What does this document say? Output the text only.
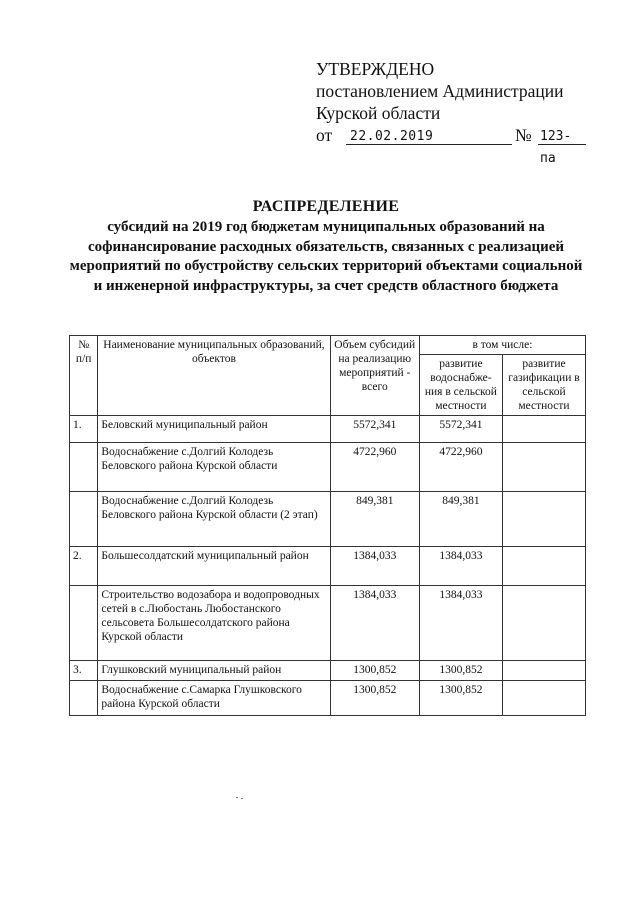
УТВЕРЖДЕНО
постановлением Администрации
Курской области
от	22.02.2019	№ 123-па
РАСПРЕДЕЛЕНИЕ
субсидий на 2019 год бюджетам муниципальных образований на
софинансирование расходных обязательств, связанных с реализацией
мероприятий по обустройству сельских территорий объектами социальной
и инженерной инфраструктуры, за счет средств областного бюджета
№ п/п	Наименование муниципальных образований, объектов	Объем субсидий на реализацию мероприятий - всего	в том числе:	
			развитие водоснабже-ния в сельской местности	развитие газификации в сельской местности
1.	Беловский муниципальный район	5572,341	5572,341	
	Водоснабжение с.Долгий Колодезь Беловского района Курской области	4722,960	4722,960	
	Водоснабжение с.Долгий Колодезь Беловского района Курской области (2 этап)	849,381	849,381	
2.	Большесолдатский муниципальный район	1384,033	1384,033	
	Строительство водозабора и водопроводных сетей в с.Любостань Любостанского сельсовета Большесолдатского района Курской области	1384,033	1384,033	
3.	Глушковский муниципальный район	1300,852	1300,852	
	Водоснабжение с.Самарка Глушковского района Курской области	1300,852	1300,852	
